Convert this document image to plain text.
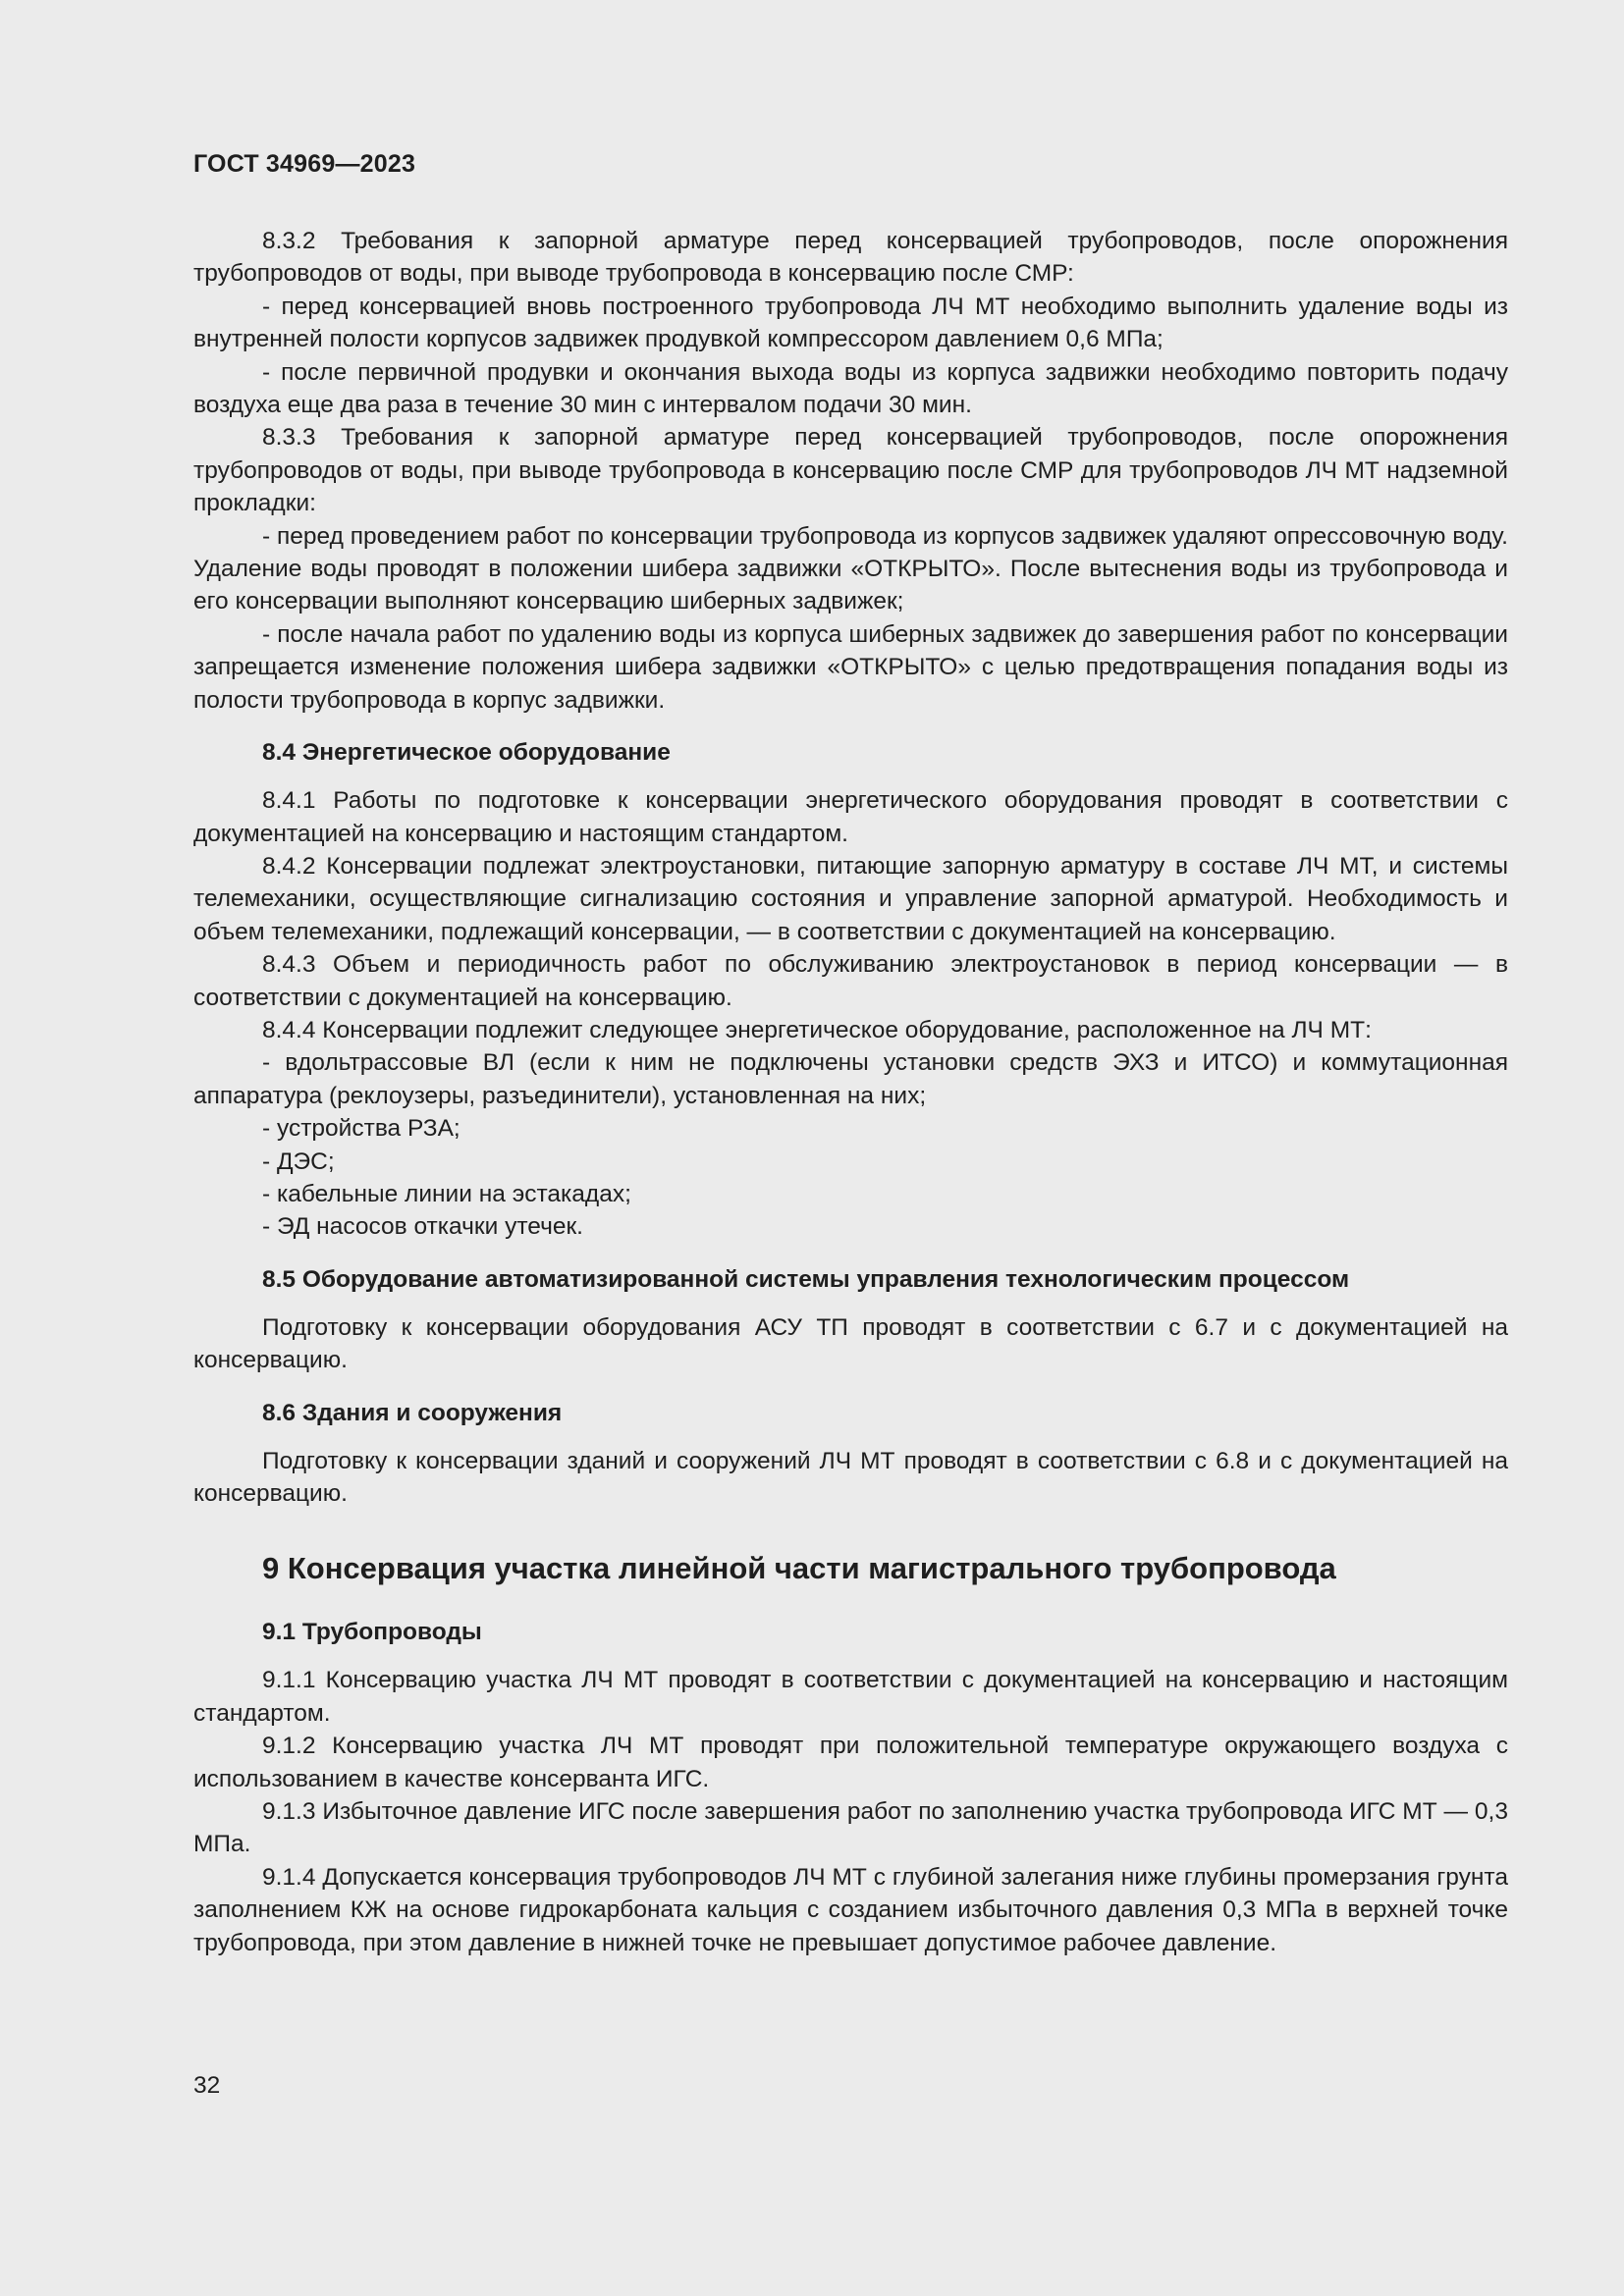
ГОСТ 34969—2023

8.3.2 Требования к запорной арматуре перед консервацией трубопроводов, после опорожнения трубопроводов от воды, при выводе трубопровода в консервацию после СМР:

- перед консервацией вновь построенного трубопровода ЛЧ МТ необходимо выполнить удаление воды из внутренней полости корпусов задвижек продувкой компрессором давлением 0,6 МПа;

- после первичной продувки и окончания выхода воды из корпуса задвижки необходимо повторить подачу воздуха еще два раза в течение 30 мин с интервалом подачи 30 мин.

8.3.3 Требования к запорной арматуре перед консервацией трубопроводов, после опорожнения трубопроводов от воды, при выводе трубопровода в консервацию после СМР для трубопроводов ЛЧ МТ надземной прокладки:

- перед проведением работ по консервации трубопровода из корпусов задвижек удаляют опрессовочную воду. Удаление воды проводят в положении шибера задвижки «ОТКРЫТО». После вытеснения воды из трубопровода и его консервации выполняют консервацию шиберных задвижек;

- после начала работ по удалению воды из корпуса шиберных задвижек до завершения работ по консервации запрещается изменение положения шибера задвижки «ОТКРЫТО» с целью предотвращения попадания воды из полости трубопровода в корпус задвижки.

8.4 Энергетическое оборудование

8.4.1 Работы по подготовке к консервации энергетического оборудования проводят в соответствии с документацией на консервацию и настоящим стандартом.

8.4.2 Консервации подлежат электроустановки, питающие запорную арматуру в составе ЛЧ МТ, и системы телемеханики, осуществляющие сигнализацию состояния и управление запорной арматурой. Необходимость и объем телемеханики, подлежащий консервации, — в соответствии с документацией на консервацию.

8.4.3 Объем и периодичность работ по обслуживанию электроустановок в период консервации — в соответствии с документацией на консервацию.

8.4.4 Консервации подлежит следующее энергетическое оборудование, расположенное на ЛЧ МТ:

- вдольтрассовые ВЛ (если к ним не подключены установки средств ЭХЗ и ИТСО) и коммутационная аппаратура (реклоузеры, разъединители), установленная на них;

- устройства РЗА;

- ДЭС;

- кабельные линии на эстакадах;

- ЭД насосов откачки утечек.

8.5 Оборудование автоматизированной системы управления технологическим процессом

Подготовку к консервации оборудования АСУ ТП проводят в соответствии с 6.7 и с документацией на консервацию.

8.6 Здания и сооружения

Подготовку к консервации зданий и сооружений ЛЧ МТ проводят в соответствии с 6.8 и с документацией на консервацию.

9 Консервация участка линейной части магистрального трубопровода
9.1 Трубопроводы

9.1.1 Консервацию участка ЛЧ МТ проводят в соответствии с документацией на консервацию и настоящим стандартом.

9.1.2 Консервацию участка ЛЧ МТ проводят при положительной температуре окружающего воздуха с использованием в качестве консерванта ИГС.

9.1.3 Избыточное давление ИГС после завершения работ по заполнению участка трубопровода ИГС МТ — 0,3 МПа.

9.1.4 Допускается консервация трубопроводов ЛЧ МТ с глубиной залегания ниже глубины промерзания грунта заполнением КЖ на основе гидрокарбоната кальция с созданием избыточного давления 0,3 МПа в верхней точке трубопровода, при этом давление в нижней точке не превышает допустимое рабочее давление.

32
